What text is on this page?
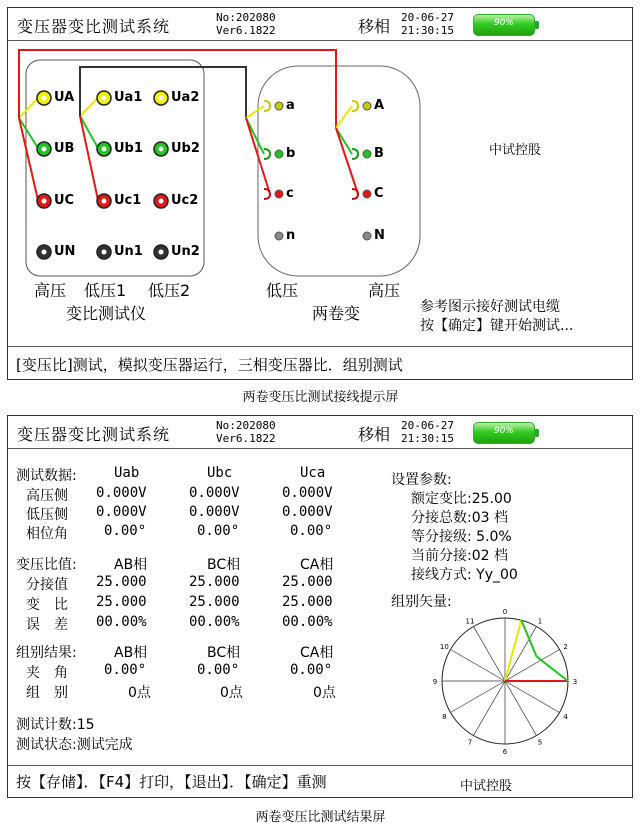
变压器变比测试系统	No:202080
Ver6.1822	移相 20-06-27
21:30:15
90%
UA
UB
UC
UN
Ua1
Ub1
Uc1
Un1
Ua2
Ub2
Uc2
Un2
a
b
c
n
A
B
C
N
高压 低压1 低压2
变比测试仪
低压	高压
两卷变
中试控股
参考图示接好测试电缆
按【确定】键开始测试...
[变压比]测试，模拟变压器运行，三相变压器比．组别测试
两卷变压比测试接线提示屏
变压器变比测试系统	No:202080
Ver6.1822	移相 20-06-27
21:30:15
90%
测试数据:	Uab	Ubc	Uca
高压侧 0.000V	0.000V	0.000V
低压侧 0.000V	0.000V	0.000V
相位角	0.00°	0.00°	0.00°
变压比值:	AB相	BC相	CA相
分接值 25.000	25.000	25.000
变　比 25.000	25.000	25.000
误　差 00.00%	00.00%	00.00%
组别结果:	AB相	BC相	CA相
夹　角	0.00°	0.00°	0.00°
组　别	0点	0点	0点
测试计数:15
测试状态:测试完成
设置参数:
额定变比:25.00
分接总数:03 档
等分接级: 5.0%
当前分接:02 档
接线方式: Yy_00
组别矢量:
0
1
2
3
4
5
6
7
8
9
10
11
中试控股
按【存储】．【F4】打印，【退出】．【确定】重测
两卷变压比测试结果屏
